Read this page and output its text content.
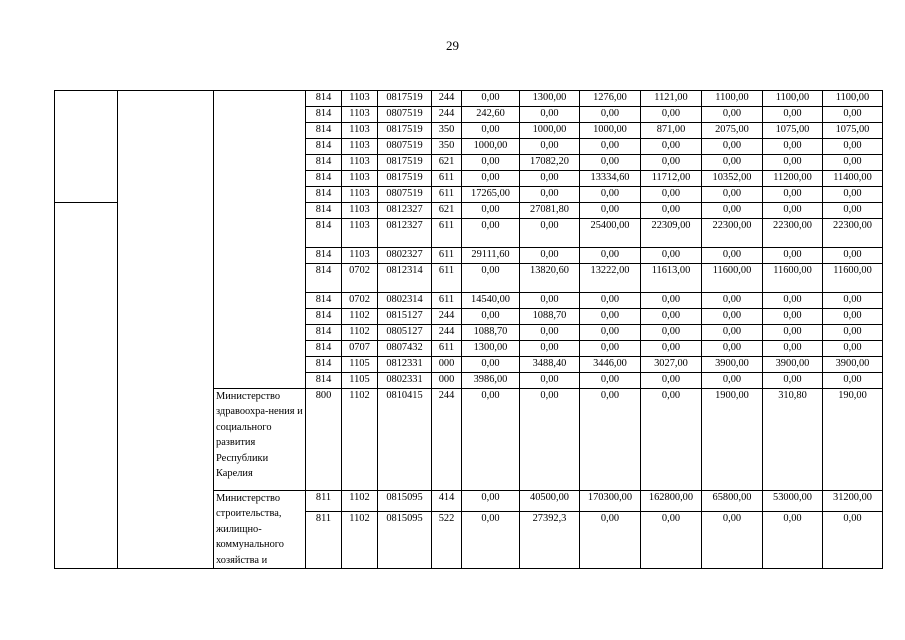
29
			814	1103	0817519	244	0,00	1300,00	1276,00	1121,00	1100,00	1100,00	1100,00
			814	1103	0807519	244	242,60	0,00	0,00	0,00	0,00	0,00	0,00
			814	1103	0817519	350	0,00	1000,00	1000,00	871,00	2075,00	1075,00	1075,00
			814	1103	0807519	350	1000,00	0,00	0,00	0,00	0,00	0,00	0,00
			814	1103	0817519	621	0,00	17082,20	0,00	0,00	0,00	0,00	0,00
			814	1103	0817519	611	0,00	0,00	13334,60	11712,00	10352,00	11200,00	11400,00
			814	1103	0807519	611	17265,00	0,00	0,00	0,00	0,00	0,00	0,00
			814	1103	0812327	621	0,00	27081,80	0,00	0,00	0,00	0,00	0,00
			814	1103	0812327	611	0,00	0,00	25400,00	22309,00	22300,00	22300,00	22300,00
			814	1103	0802327	611	29111,60	0,00	0,00	0,00	0,00	0,00	0,00
			814	0702	0812314	611	0,00	13820,60	13222,00	11613,00	11600,00	11600,00	11600,00
			814	0702	0802314	611	14540,00	0,00	0,00	0,00	0,00	0,00	0,00
			814	1102	0815127	244	0,00	1088,70	0,00	0,00	0,00	0,00	0,00
			814	1102	0805127	244	1088,70	0,00	0,00	0,00	0,00	0,00	0,00
			814	0707	0807432	611	1300,00	0,00	0,00	0,00	0,00	0,00	0,00
			814	1105	0812331	000	0,00	3488,40	3446,00	3027,00	3900,00	3900,00	3900,00
			814	1105	0802331	000	3986,00	0,00	0,00	0,00	0,00	0,00	0,00
		Министерство здравоохра-нения и социального развития Республики Карелия	800	1102	0810415	244	0,00	0,00	0,00	0,00	1900,00	310,80	190,00
		Министерство строительства, жилищно-коммунального хозяйства и	811	1102	0815095	414	0,00	40500,00	170300,00	162800,00	65800,00	53000,00	31200,00
			811	1102	0815095	522	0,00	27392,3	0,00	0,00	0,00	0,00	0,00
